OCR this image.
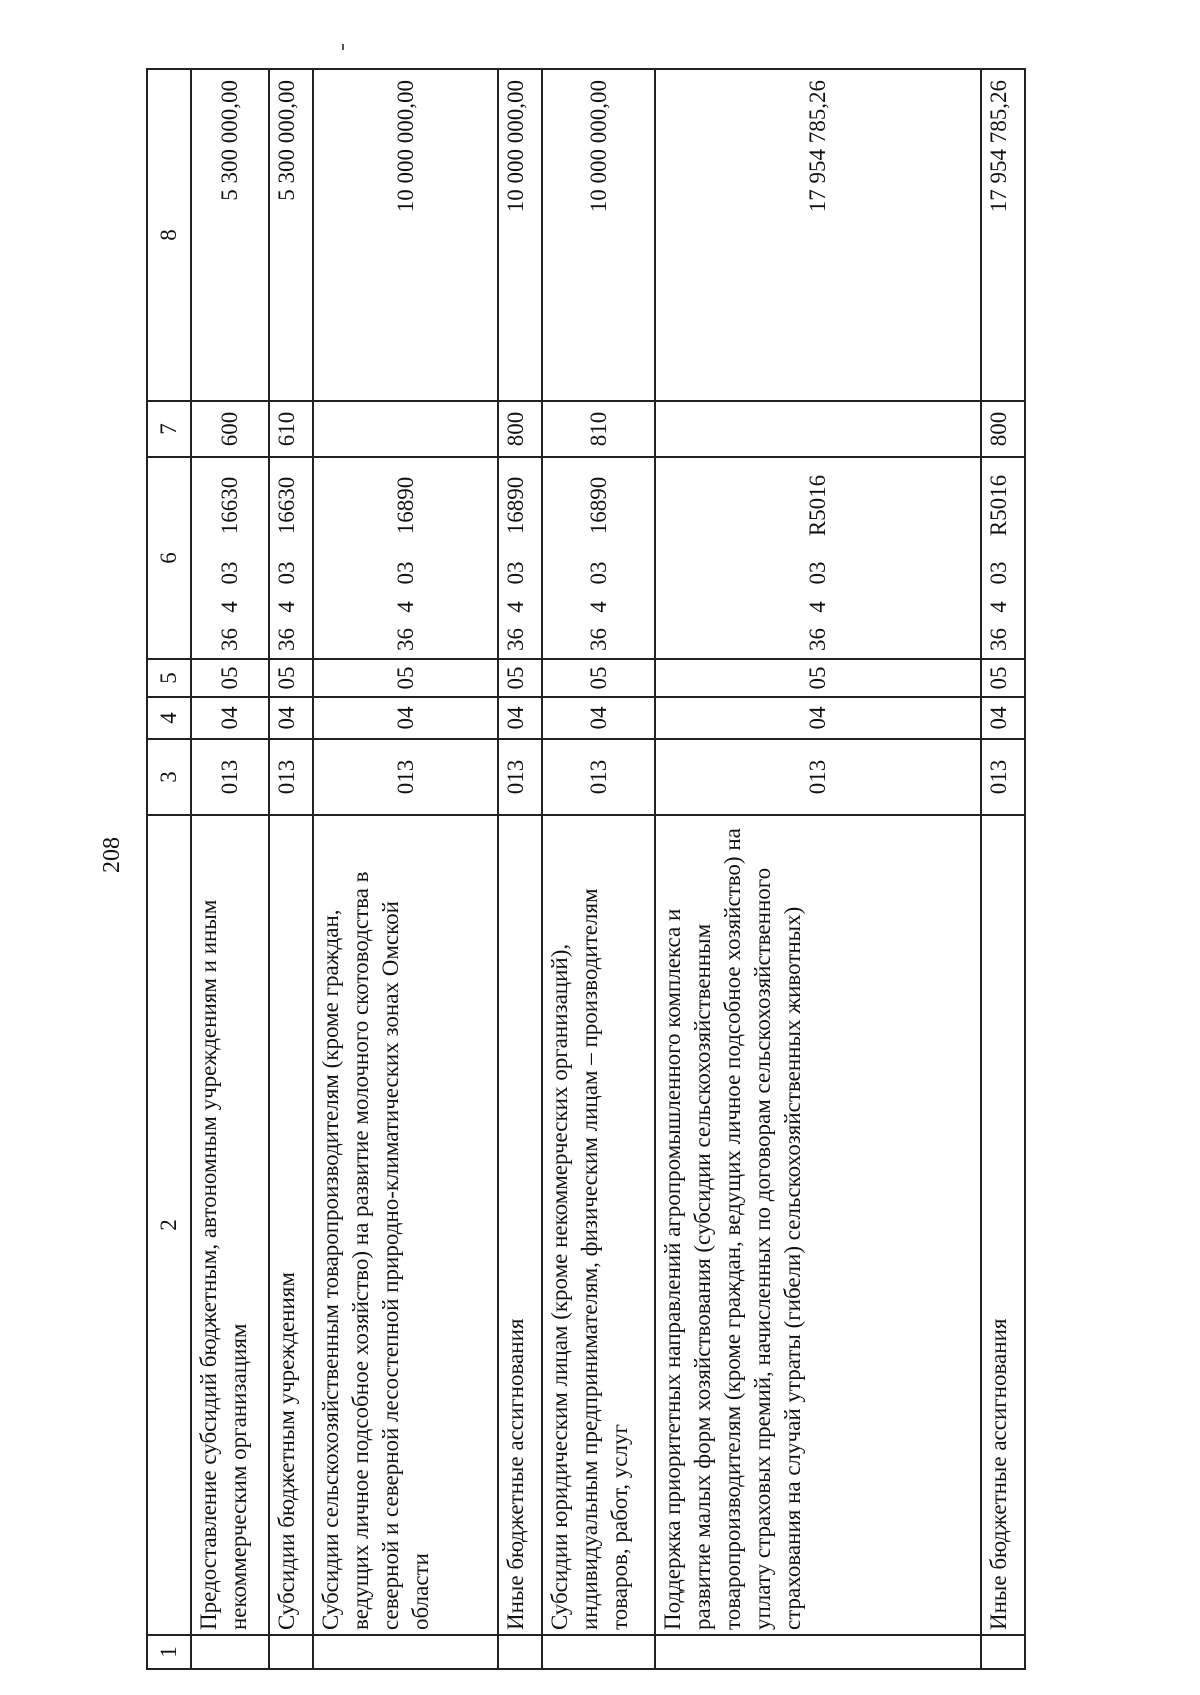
208
1	2	3	4	5	6				7	8
	Предоставление субсидий бюджетным, автономным учреждениям и иным некоммерческим организациям	013	04	05	36	4	03	16630	600	5 300 000,00
	Субсидии бюджетным учреждениям	013	04	05	36	4	03	16630	610	5 300 000,00
	Субсидии сельскохозяйственным товаропроизводителям (кроме граждан, ведущих личное подсобное хозяйство) на развитие молочного скотоводства в северной и северной лесостепной природно-климатических зонах Омской области	013	04	05	36	4	03	16890		10 000 000,00
	Иные бюджетные ассигнования	013	04	05	36	4	03	16890	800	10 000 000,00
	Субсидии юридическим лицам (кроме некоммерческих организаций), индивидуальным предпринимателям, физическим лицам – производителям товаров, работ, услуг	013	04	05	36	4	03	16890	810	10 000 000,00
	Поддержка приоритетных направлений агропромышленного комплекса и развитие малых форм хозяйствования (субсидии сельскохозяйственным товаропроизводителям (кроме граждан, ведущих личное подсобное хозяйство) на уплату страховых премий, начисленных по договорам сельскохозяйственного страхования на случай утраты (гибели) сельскохозяйственных животных)	013	04	05	36	4	03	R5016		17 954 785,26
	Иные бюджетные ассигнования	013	04	05	36	4	03	R5016	800	17 954 785,26
